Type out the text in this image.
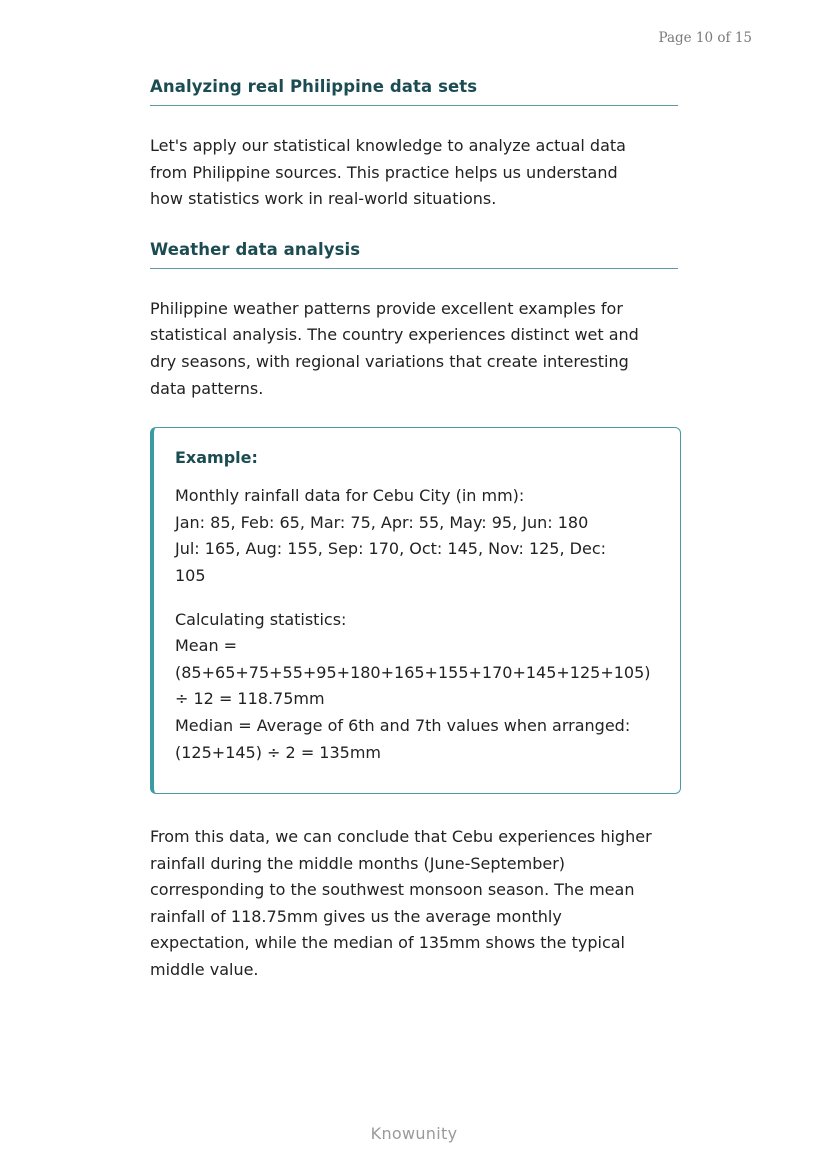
Page 10 of 15
Analyzing real Philippine data sets

Let's apply our statistical knowledge to analyze actual data
from Philippine sources. This practice helps us understand
how statistics work in real-world situations.

Weather data analysis

Philippine weather patterns provide excellent examples for
statistical analysis. The country experiences distinct wet and
dry seasons, with regional variations that create interesting
data patterns.

Example:

Monthly rainfall data for Cebu City (in mm):
Jan: 85, Feb: 65, Mar: 75, Apr: 55, May: 95, Jun: 180
Jul: 165, Aug: 155, Sep: 170, Oct: 145, Nov: 125, Dec:
105

Calculating statistics:
Mean =
(85+65+75+55+95+180+165+155+170+145+125+105)
÷ 12 = 118.75mm
Median = Average of 6th and 7th values when arranged:
(125+145) ÷ 2 = 135mm

From this data, we can conclude that Cebu experiences higher
rainfall during the middle months (June-September)
corresponding to the southwest monsoon season. The mean
rainfall of 118.75mm gives us the average monthly
expectation, while the median of 135mm shows the typical
middle value.

Knowunity
